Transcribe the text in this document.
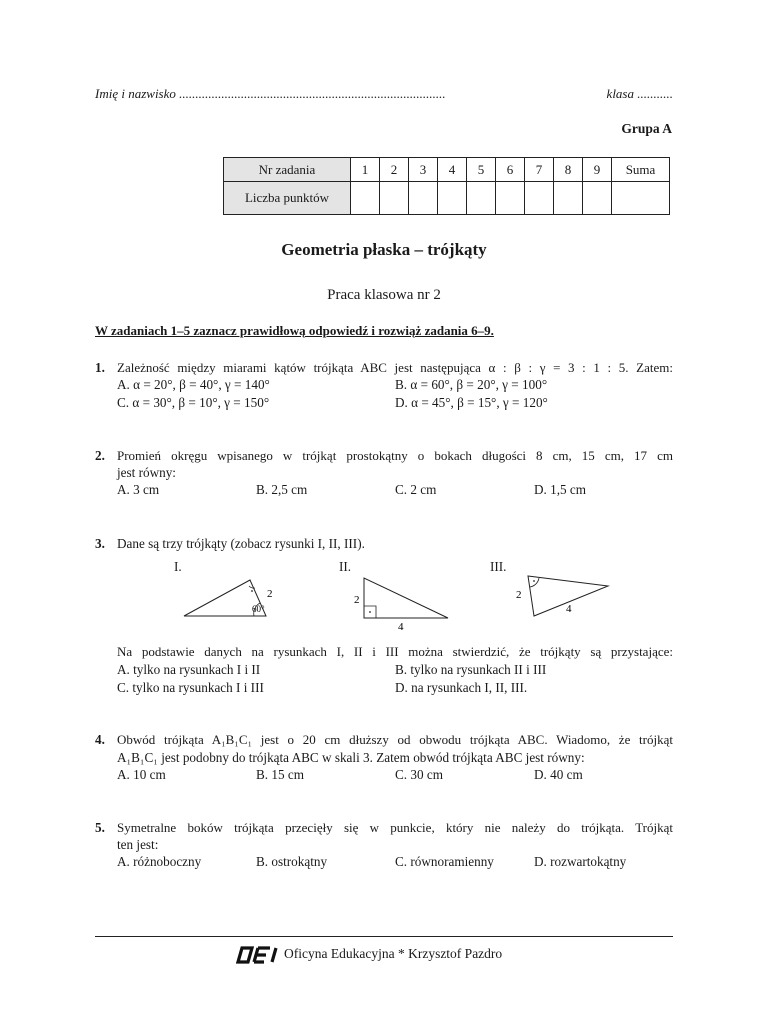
Imię i nazwisko ..................................................................................	klasa ...........
Grupa A
Nr zadania	1	2	3	4	5	6	7	8	9	Suma
Liczba punktów										
Geometria płaska – trójkąty
Praca klasowa nr 2
W zadaniach 1–5 zaznacz prawidłową odpowiedź i rozwiąż zadania 6–9.
1. Zależność między miarami kątów trójkąta ABC jest następująca α : β : γ = 3 : 1 : 5. Zatem:
A. α = 20°, β = 40°, γ = 140°	B. α = 60°, β = 20°, γ = 100°
C. α = 30°, β = 10°, γ = 150°	D. α = 45°, β = 15°, γ = 120°
2. Promień okręgu wpisanego w trójkąt prostokątny o bokach długości 8 cm, 15 cm, 17 cm
jest równy:
A. 3 cm	B. 2,5 cm	C. 2 cm	D. 1,5 cm
3. Dane są trzy trójkąty (zobacz rysunki I, II, III).
I.	II.	III.
2
60°
2
4
2
4
Na podstawie danych na rysunkach I, II i III można stwierdzić, że trójkąty są przystające:
A. tylko na rysunkach I i II	B. tylko na rysunkach II i III
C. tylko na rysunkach I i III	D. na rysunkach I, II, III.
4. Obwód trójkąta A₁B₁C₁ jest o 20 cm dłuższy od obwodu trójkąta ABC. Wiadomo, że trójkąt
A₁B₁C₁ jest podobny do trójkąta ABC w skali 3. Zatem obwód trójkąta ABC jest równy:
A. 10 cm	B. 15 cm	C. 30 cm	D. 40 cm
5. Symetralne boków trójkąta przecięły się w punkcie, który nie należy do trójkąta. Trójkąt
ten jest:
A. różnoboczny	B. ostrokątny	C. równoramienny	D. rozwartokątny
Oficyna Edukacyjna * Krzysztof Pazdro
